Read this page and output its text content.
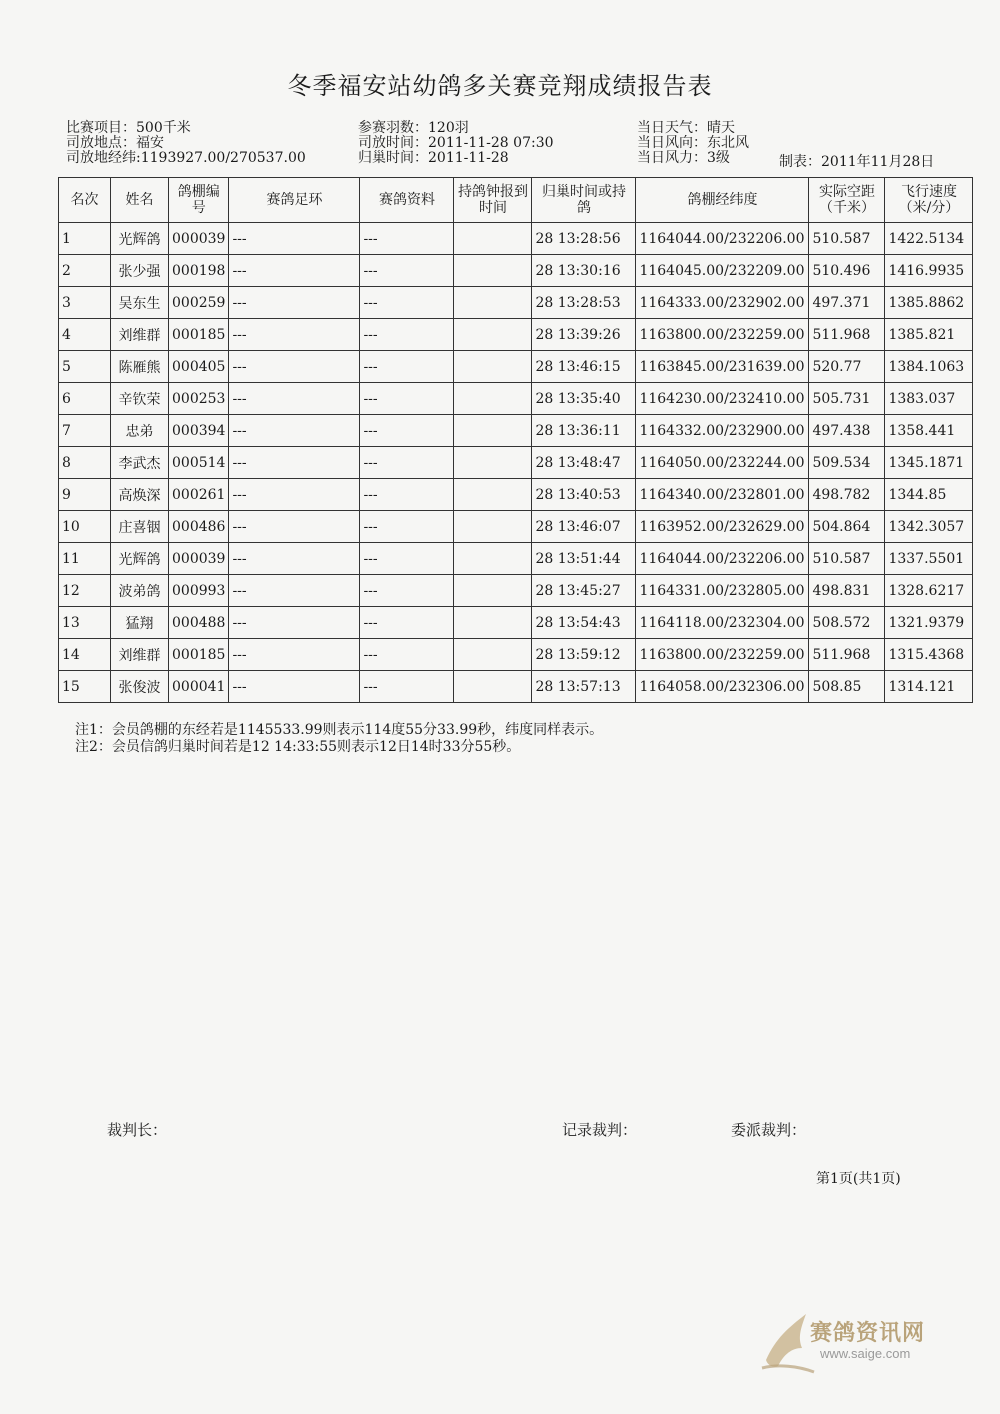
冬季福安站幼鸽多关赛竞翔成绩报告表
比赛项目：500千米
司放地点：福安
司放地经纬:1193927.00/270537.00
参赛羽数：120羽
司放时间：2011-11-28 07:30
归巢时间：2011-11-28
当日天气：晴天
当日风向：东北风
当日风力：3级	制表：2011年11月28日
名次	姓名	鸽棚编号	赛鸽足环	赛鸽资料	持鸽钟报到时间	归巢时间或持鸽	鸽棚经纬度	实际空距（千米）	飞行速度（米/分）
1	光辉鸽	000039	---	---		28 13:28:56	1164044.00/232206.00	510.587	1422.5134
2	张少强	000198	---	---		28 13:30:16	1164045.00/232209.00	510.496	1416.9935
3	吴东生	000259	---	---		28 13:28:53	1164333.00/232902.00	497.371	1385.8862
4	刘维群	000185	---	---		28 13:39:26	1163800.00/232259.00	511.968	1385.821
5	陈雁熊	000405	---	---		28 13:46:15	1163845.00/231639.00	520.77	1384.1063
6	辛钦荣	000253	---	---		28 13:35:40	1164230.00/232410.00	505.731	1383.037
7	忠弟	000394	---	---		28 13:36:11	1164332.00/232900.00	497.438	1358.441
8	李武杰	000514	---	---		28 13:48:47	1164050.00/232244.00	509.534	1345.1871
9	高焕深	000261	---	---		28 13:40:53	1164340.00/232801.00	498.782	1344.85
10	庄喜铟	000486	---	---		28 13:46:07	1163952.00/232629.00	504.864	1342.3057
11	光辉鸽	000039	---	---		28 13:51:44	1164044.00/232206.00	510.587	1337.5501
12	波弟鸽	000993	---	---		28 13:45:27	1164331.00/232805.00	498.831	1328.6217
13	猛翔	000488	---	---		28 13:54:43	1164118.00/232304.00	508.572	1321.9379
14	刘维群	000185	---	---		28 13:59:12	1163800.00/232259.00	511.968	1315.4368
15	张俊波	000041	---	---		28 13:57:13	1164058.00/232306.00	508.85	1314.121
注1：会员鸽棚的东经若是1145533.99则表示114度55分33.99秒，纬度同样表示。
注2：会员信鸽归巢时间若是12 14:33:55则表示12日14时33分55秒。
裁判长：	记录裁判：	委派裁判：
第1页(共1页)
赛鸽资讯网
www.saige.com
